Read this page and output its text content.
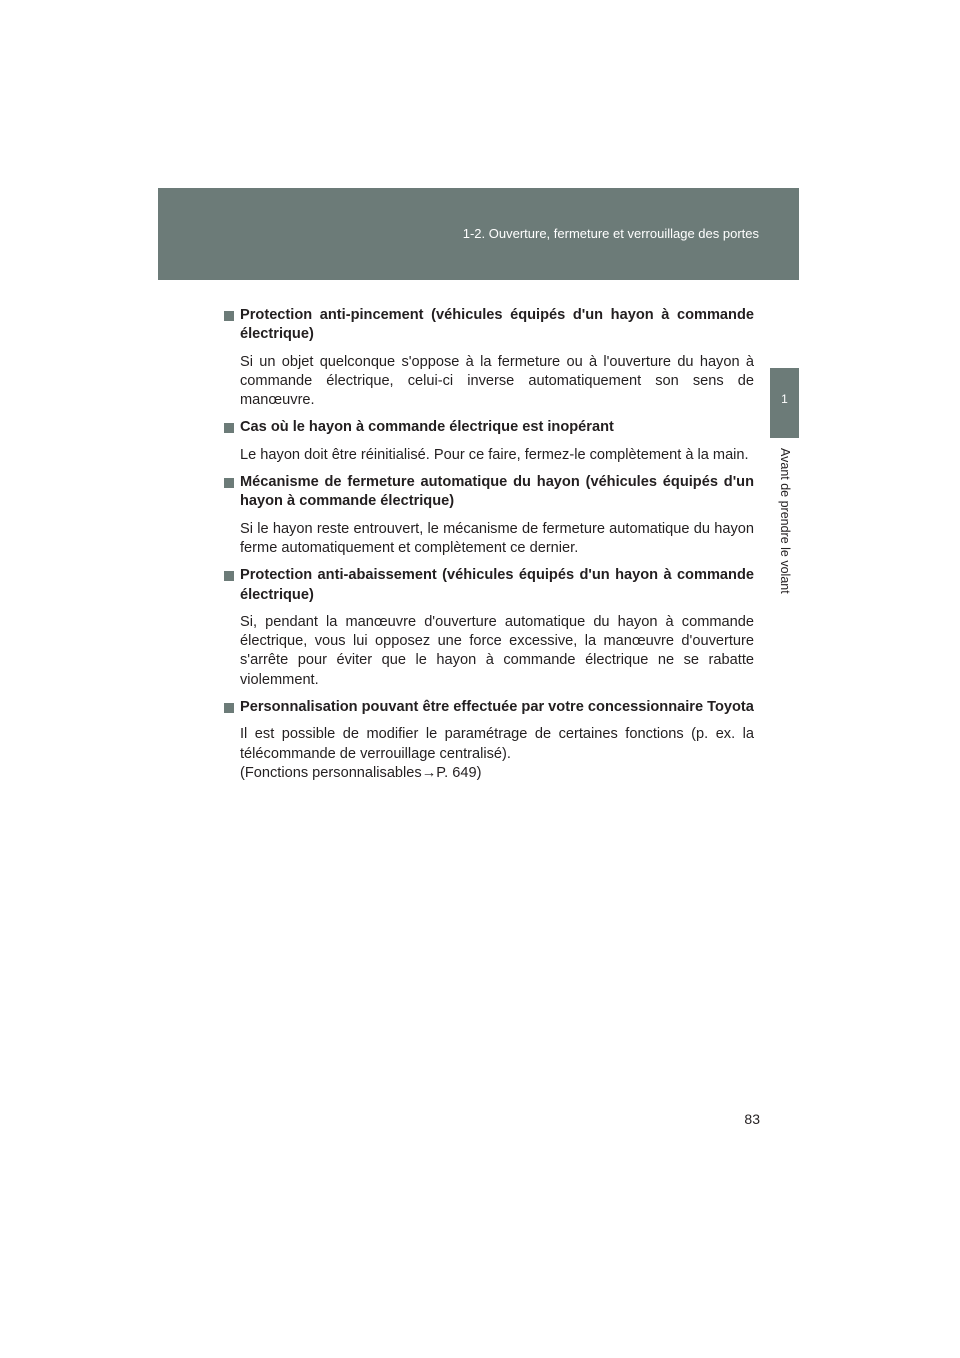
1-2. Ouverture, fermeture et verrouillage des portes
1
Avant de prendre le volant
Protection anti-pincement (véhicules équipés d'un hayon à commande électrique)

Si un objet quelconque s'oppose à la fermeture ou à l'ouverture du hayon à commande électrique, celui-ci inverse automatiquement son sens de manœuvre.

Cas où le hayon à commande électrique est inopérant

Le hayon doit être réinitialisé. Pour ce faire, fermez-le complètement à la main.

Mécanisme de fermeture automatique du hayon (véhicules équipés d'un hayon à commande électrique)

Si le hayon reste entrouvert, le mécanisme de fermeture automatique du hayon ferme automatiquement et complètement ce dernier.

Protection anti-abaissement (véhicules équipés d'un hayon à commande électrique)

Si, pendant la manœuvre d'ouverture automatique du hayon à commande électrique, vous lui opposez une force excessive, la manœuvre d'ouverture s'arrête pour éviter que le hayon à commande électrique ne se rabatte violemment.

Personnalisation pouvant être effectuée par votre concessionnaire Toyota

Il est possible de modifier le paramétrage de certaines fonctions (p. ex. la télécommande de verrouillage centralisé).

(Fonctions personnalisables→P. 649)

83
